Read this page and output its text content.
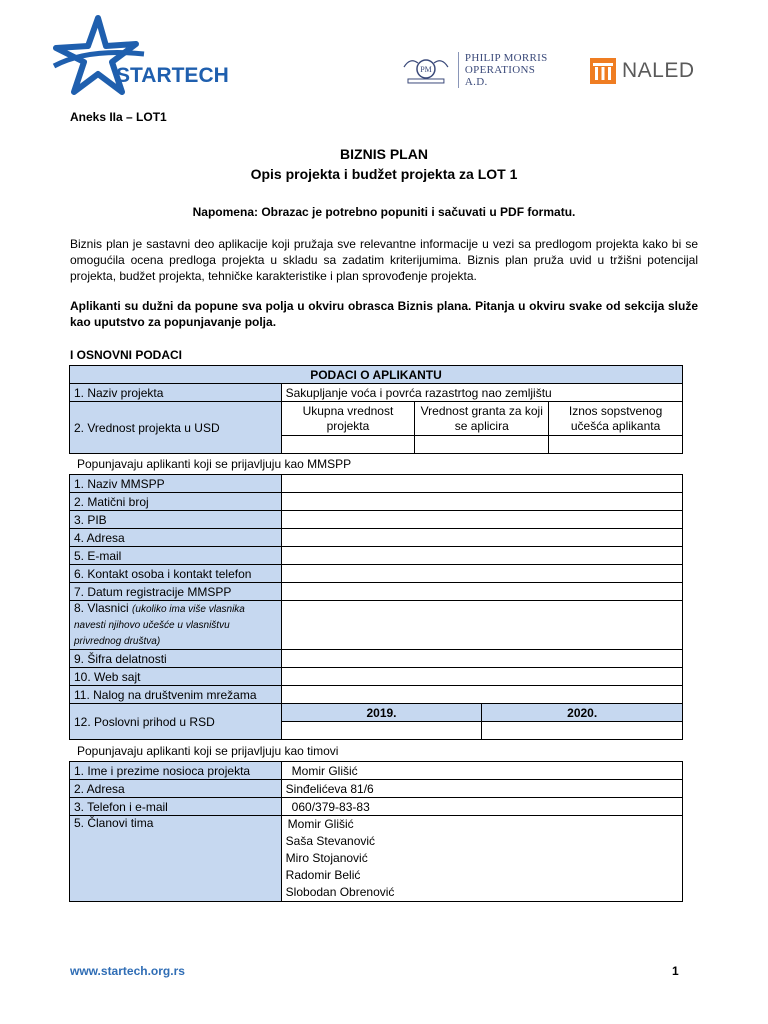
STARTECH	PM
PHILIP MORRIS
OPERATIONS A.D.	NALED
Aneks IIa – LOT1
BIZNIS PLAN
Opis projekta i budžet projekta za LOT 1
Napomena: Obrazac je potrebno popuniti i sačuvati u PDF formatu.
Biznis plan je sastavni deo aplikacije koji pružaja sve relevantne informacije u vezi sa predlogom projekta kako bi se omogućila ocena predloga projekta u skladu sa zadatim kriterijumima. Biznis plan pruža uvid u tržišni potencijal projekta, budžet projekta, tehničke karakteristike i plan sprovođenje projekta.
Aplikanti su dužni da popune sva polja u okviru obrasca Biznis plana. Pitanja u okviru svake od sekcija služe kao uputstvo za popunjavanje polja.
I OSNOVNI PODACI
PODACI O APLIKANTU			
1. Naziv projekta	Sakupljanje voća i povrća razastrtog nao zemljištu		
2. Vrednost projekta u USD	Ukupna vrednost projekta	Vrednost granta za koji se aplicira	Iznos sopstvenog učešća aplikanta

Popunjavaju aplikanti koji se prijavljuju kao MMSPP
1. Naziv MMSPP		
2. Matični broj		
3. PIB		
4. Adresa		
5. E-mail		
6. Kontakt osoba i kontakt telefon		
7. Datum registracije MMSPP		
8. Vlasnici (ukoliko ima više vlasnika navesti njihovo učešće u vlasništvu privrednog društva)		
9. Šifra delatnosti		
10. Web sajt		
11. Nalog na društvenim mrežama		
12. Poslovni prihod u RSD	2019.	2020.

Popunjavaju aplikanti koji se prijavljuju kao timovi
1. Ime i prezime nosioca projekta	Momir Glišić
2. Adresa	Sinđelićeva 81/6
3. Telefon i e-mail	060/379-83-83
5. Članovi tima	Momir Glišić
Saša Stevanović
Miro Stojanović
Radomir Belić
Slobodan Obrenović
www.startech.org.rs	1
